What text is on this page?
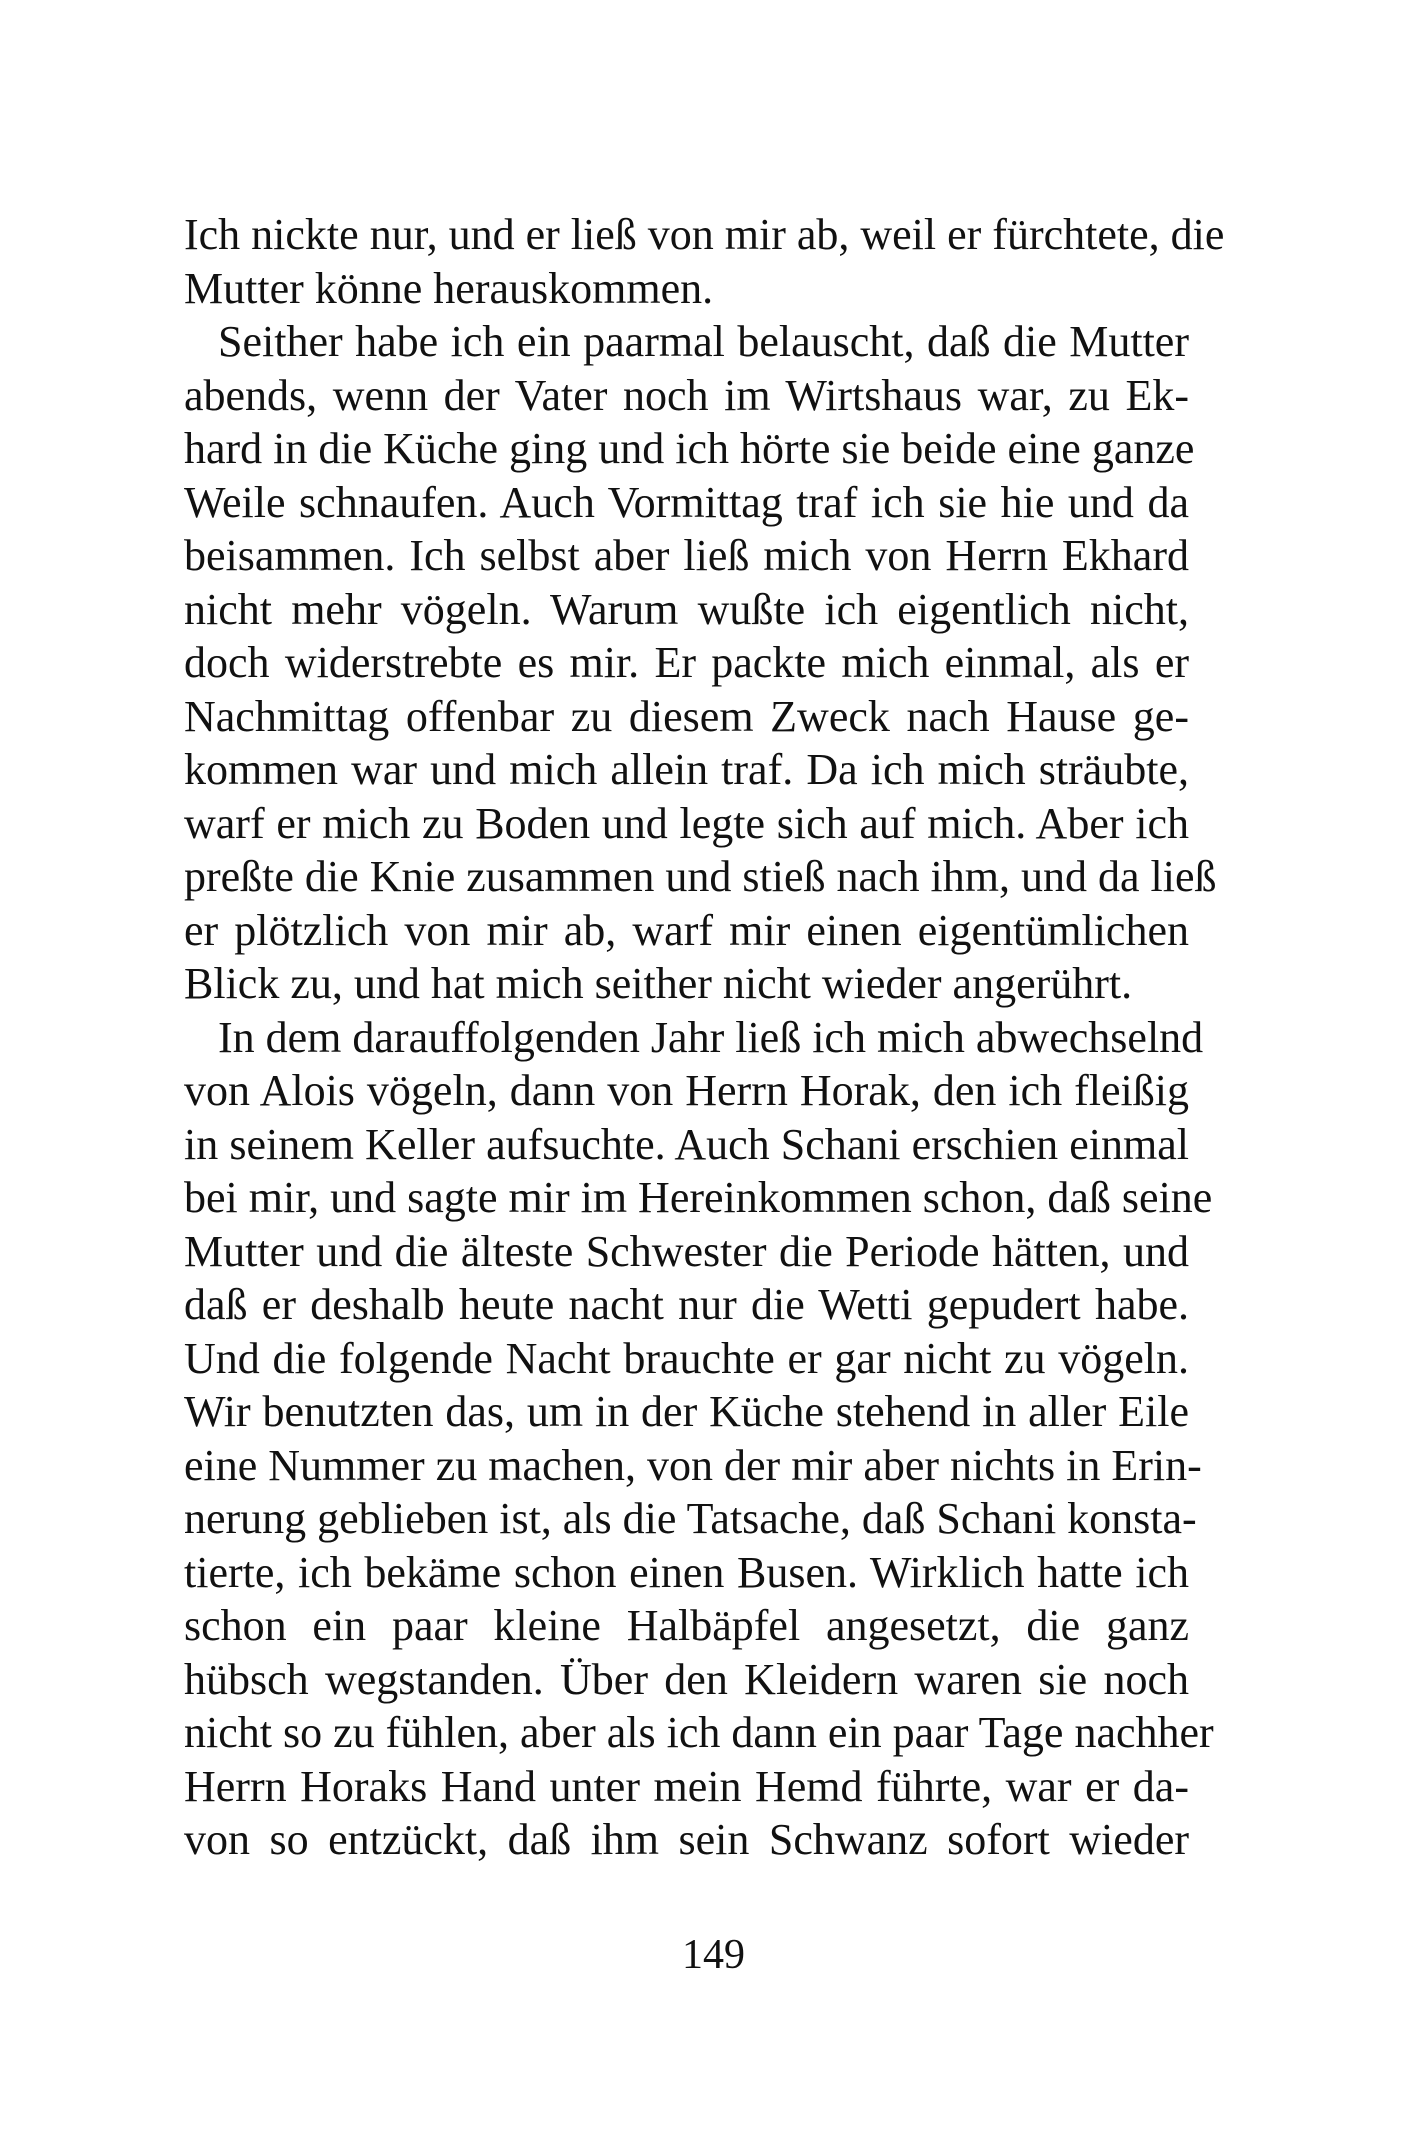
Ich nickte nur, und er ließ von mir ab, weil er fürchtete, die
Mutter könne herauskommen.
Seither habe ich ein paarmal belauscht, daß die Mutter
abends, wenn der Vater noch im Wirtshaus war, zu Ek-
hard in die Küche ging und ich hörte sie beide eine ganze
Weile schnaufen. Auch Vormittag traf ich sie hie und da
beisammen. Ich selbst aber ließ mich von Herrn Ekhard
nicht mehr vögeln. Warum wußte ich eigentlich nicht,
doch widerstrebte es mir. Er packte mich einmal, als er
Nachmittag offenbar zu diesem Zweck nach Hause ge-
kommen war und mich allein traf. Da ich mich sträubte,
warf er mich zu Boden und legte sich auf mich. Aber ich
preßte die Knie zusammen und stieß nach ihm, und da ließ
er plötzlich von mir ab, warf mir einen eigentümlichen
Blick zu, und hat mich seither nicht wieder angerührt.
In dem darauffolgenden Jahr ließ ich mich abwechselnd
von Alois vögeln, dann von Herrn Horak, den ich fleißig
in seinem Keller aufsuchte. Auch Schani erschien einmal
bei mir, und sagte mir im Hereinkommen schon, daß seine
Mutter und die älteste Schwester die Periode hätten, und
daß er deshalb heute nacht nur die Wetti gepudert habe.
Und die folgende Nacht brauchte er gar nicht zu vögeln.
Wir benutzten das, um in der Küche stehend in aller Eile
eine Nummer zu machen, von der mir aber nichts in Erin-
nerung geblieben ist, als die Tatsache, daß Schani konsta-
tierte, ich bekäme schon einen Busen. Wirklich hatte ich
schon ein paar kleine Halbäpfel angesetzt, die ganz
hübsch wegstanden. Über den Kleidern waren sie noch
nicht so zu fühlen, aber als ich dann ein paar Tage nachher
Herrn Horaks Hand unter mein Hemd führte, war er da-
von so entzückt, daß ihm sein Schwanz sofort wieder
149
